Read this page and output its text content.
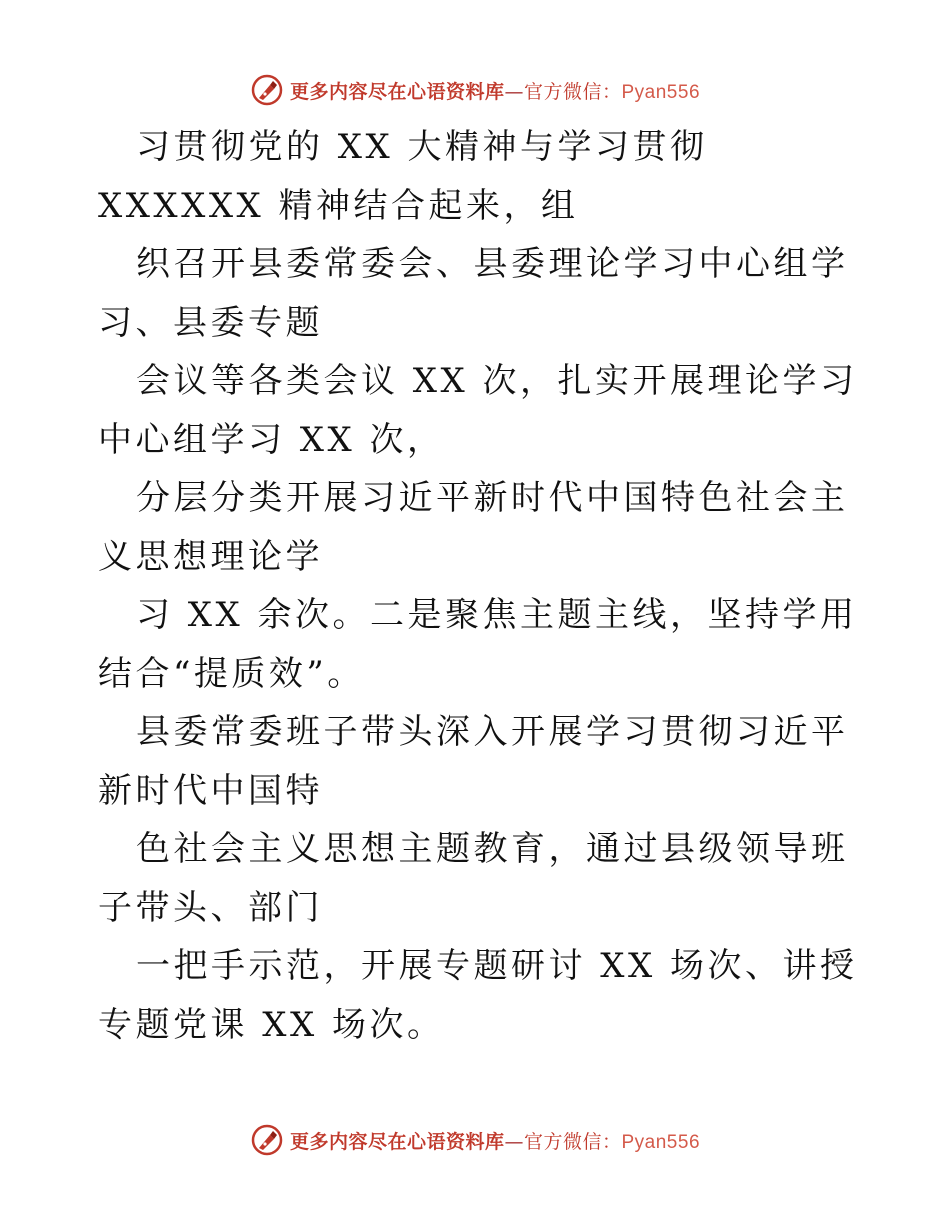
更多内容尽在心语资料库—官方微信：Pyan556

习贯彻党的 XX 大精神与学习贯彻 XXXXXX 精神结合起来，组

织召开县委常委会、县委理论学习中心组学习、县委专题

会议等各类会议 XX 次，扎实开展理论学习中心组学习 XX 次，

分层分类开展习近平新时代中国特色社会主义思想理论学

习 XX 余次。二是聚焦主题主线，坚持学用结合“提质效”。

县委常委班子带头深入开展学习贯彻习近平新时代中国特

色社会主义思想主题教育，通过县级领导班子带头、部门

一把手示范，开展专题研讨 XX 场次、讲授专题党课 XX 场次。

更多内容尽在心语资料库—官方微信：Pyan556
